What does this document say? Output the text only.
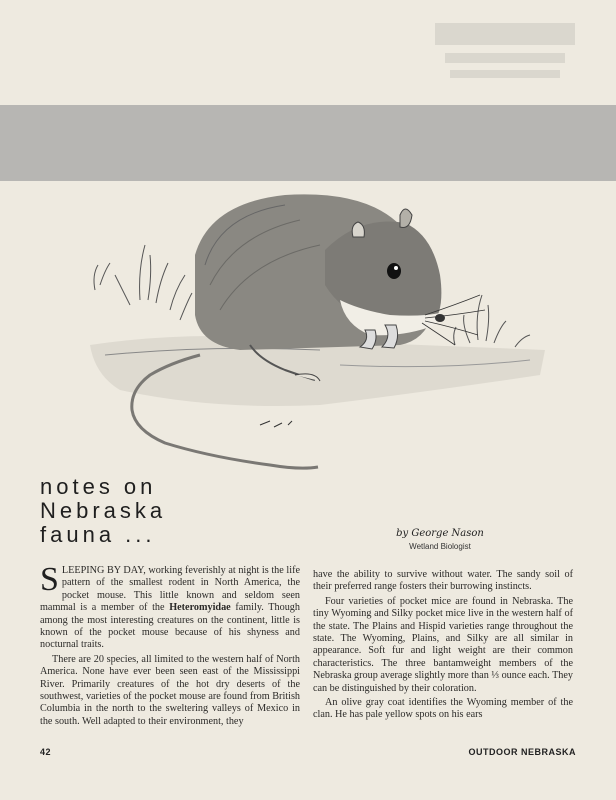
notes on
Nebraska
fauna ...	by George Nason
Wetland Biologist

SLEEPING BY DAY, working feverishly at night is the life pattern of the smallest rodent in North America, the pocket mouse. This little known and seldom seen mammal is a member of the Heteromyidae family. Though among the most interesting creatures on the continent, little is known of the pocket mouse because of his shyness and nocturnal traits.

There are 20 species, all limited to the western half of North America. None have ever been seen east of the Mississippi River. Primarily creatures of the hot dry deserts of the southwest, varieties of the pocket mouse are found from British Columbia in the north to the sweltering valleys of Mexico in the south. Well adapted to their environment, they

have the ability to survive without water. The sandy soil of their preferred range fosters their burrowing instincts.

Four varieties of pocket mice are found in Nebraska. The tiny Wyoming and Silky pocket mice live in the western half of the state. The Plains and Hispid varieties range throughout the state. The Wyoming, Plains, and Silky are all similar in appearance. Soft fur and light weight are their common characteristics. The three bantamweight members of the Nebraska group average slightly more than ⅓ ounce each. They can be distinguished by their coloration.

An olive gray coat identifies the Wyoming member of the clan. He has pale yellow spots on his ears

42	OUTDOOR NEBRASKA
